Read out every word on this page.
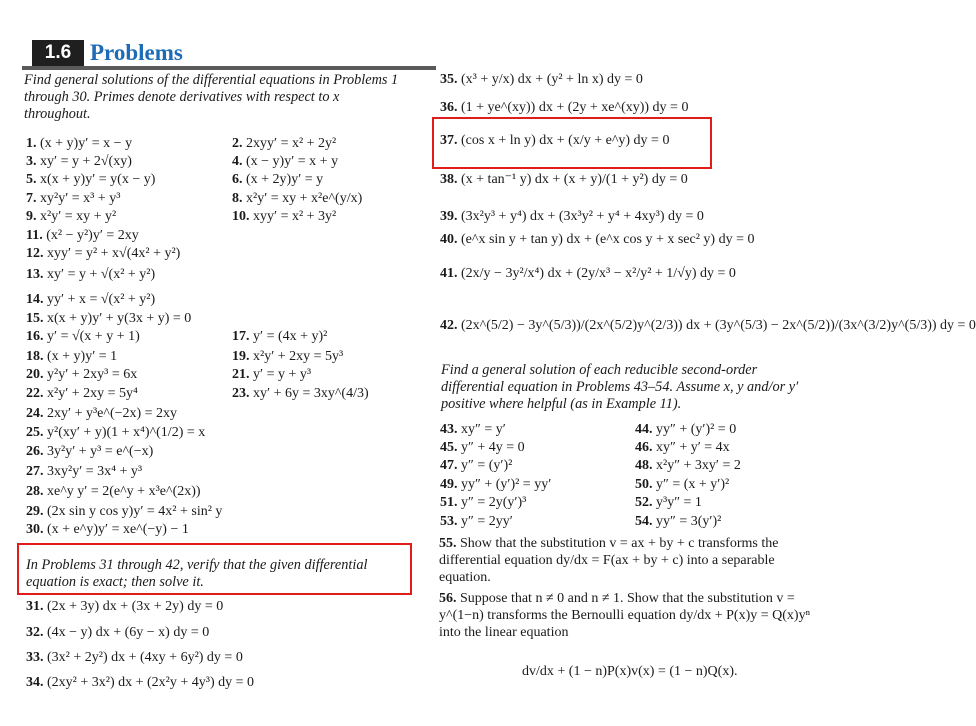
1.6 Problems
Find general solutions of the differential equations in Problems 1 through 30. Primes denote derivatives with respect to x throughout.
1. (x + y)y′ = x − y
3. xy′ = y + 2√(xy)
5. x(x + y)y′ = y(x − y)
7. xy²y′ = x³ + y³
9. x²y′ = xy + y²
11. (x² − y²)y′ = 2xy
12. xyy′ = y² + x√(4x² + y²)
13. xy′ = y + √(x² + y²)
14. yy′ + x = √(x² + y²)
15. x(x + y)y′ + y(3x + y) = 0
16. y′ = √(x + y + 1)
18. (x + y)y′ = 1
20. y²y′ + 2xy³ = 6x
22. x²y′ + 2xy = 5y⁴
24. 2xy′ + y³e^(−2x) = 2xy
25. y²(xy′ + y)(1 + x⁴)^(1/2) = x
26. 3y²y′ + y³ = e^(−x)
27. 3xy²y′ = 3x⁴ + y³
28. xe^y y′ = 2(e^y + x³e^(2x))
29. (2x sin y cos y)y′ = 4x² + sin² y
30. (x + e^y)y′ = xe^(−y) − 1
2. 2xyy′ = x² + 2y²
4. (x − y)y′ = x + y
6. (x + 2y)y′ = y
8. x²y′ = xy + x²e^(y/x)
10. xyy′ = x² + 3y²
17. y′ = (4x + y)²
19. x²y′ + 2xy = 5y³
21. y′ = y + y³
23. xy′ + 6y = 3xy^(4/3)
In Problems 31 through 42, verify that the given differential equation is exact; then solve it.
31. (2x + 3y) dx + (3x + 2y) dy = 0
32. (4x − y) dx + (6y − x) dy = 0
33. (3x² + 2y²) dx + (4xy + 6y²) dy = 0
34. (2xy² + 3x²) dx + (2x²y + 4y³) dy = 0
35. (x³ + y/x) dx + (y² + ln x) dy = 0
36. (1 + ye^(xy)) dx + (2y + xe^(xy)) dy = 0
37. (cos x + ln y) dx + (x/y + e^y) dy = 0
38. (x + tan⁻¹ y) dx + (x + y)/(1 + y²) dy = 0
39. (3x²y³ + y⁴) dx + (3x³y² + y⁴ + 4xy³) dy = 0
40. (e^x sin y + tan y) dx + (e^x cos y + x sec² y) dy = 0
41. (2x/y − 3y²/x⁴) dx + (2y/x³ − x²/y² + 1/√y) dy = 0
42. (2x^(5/2) − 3y^(5/3))/(2x^(5/2)y^(2/3)) dx + (3y^(5/3) − 2x^(5/2))/(3x^(3/2)y^(5/3)) dy = 0
Find a general solution of each reducible second-order differential equation in Problems 43–54. Assume x, y and/or y′ positive where helpful (as in Example 11).
43. xy″ = y′
45. y″ + 4y = 0
47. y″ = (y′)²
49. yy″ + (y′)² = yy′
51. y″ = 2y(y′)³
53. y″ = 2yy′
44. yy″ + (y′)² = 0
46. xy″ + y′ = 4x
48. x²y″ + 3xy′ = 2
50. y″ = (x + y′)²
52. y³y″ = 1
54. yy″ = 3(y′)²
55. Show that the substitution v = ax + by + c transforms the differential equation dy/dx = F(ax + by + c) into a separable equation.
56. Suppose that n ≠ 0 and n ≠ 1. Show that the substitution v = y^(1−n) transforms the Bernoulli equation dy/dx + P(x)y = Q(x)yⁿ into the linear equation
dv/dx + (1 − n)P(x)v(x) = (1 − n)Q(x).
